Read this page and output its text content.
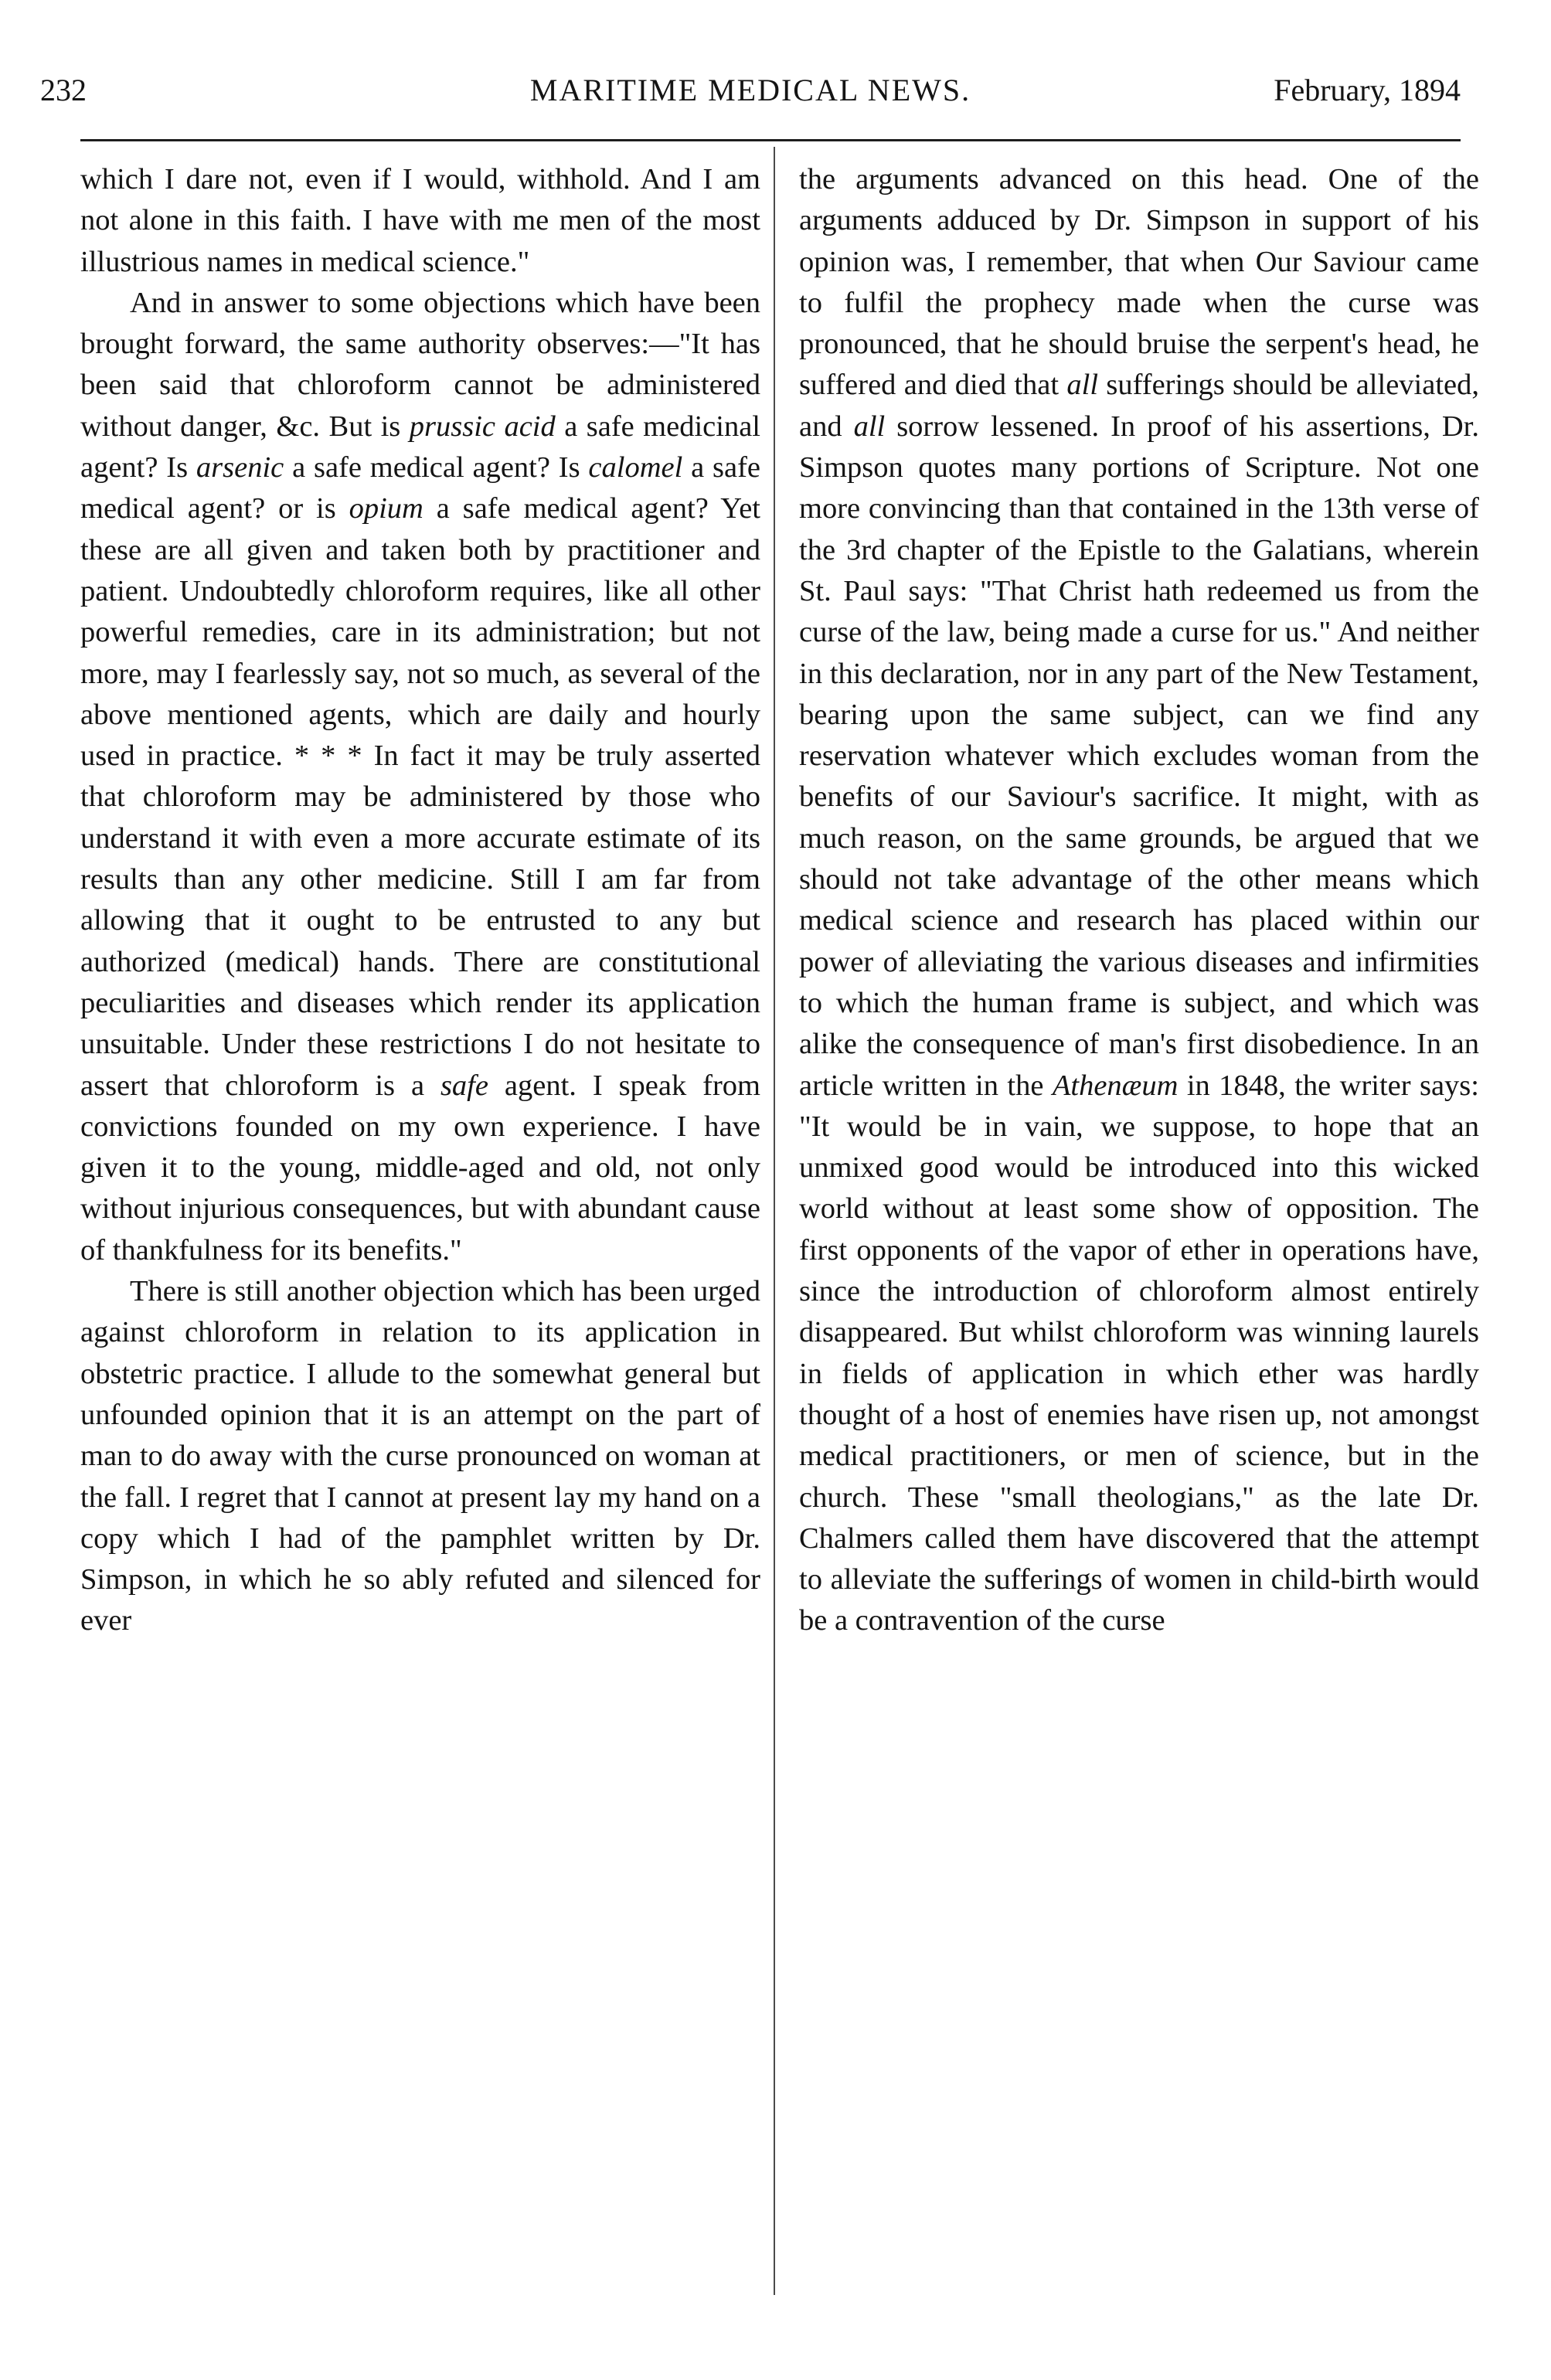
MARITIME MEDICAL NEWS.
232	February, 1894

which I dare not, even if I would, withhold. And I am not alone in this faith. I have with me men of the most illustrious names in medical science."

And in answer to some objections which have been brought forward, the same authority observes:—"It has been said that chloroform cannot be administered without danger, &c. But is prussic acid a safe medicinal agent? Is arsenic a safe medical agent? Is calomel a safe medical agent? or is opium a safe medical agent? Yet these are all given and taken both by practitioner and patient. Undoubtedly chloroform requires, like all other powerful remedies, care in its administration; but not more, may I fearlessly say, not so much, as several of the above mentioned agents, which are daily and hourly used in practice. * * * In fact it may be truly asserted that chloroform may be administered by those who understand it with even a more accurate estimate of its results than any other medicine. Still I am far from allowing that it ought to be entrusted to any but authorized (medical) hands. There are constitutional peculiarities and diseases which render its application unsuitable. Under these restrictions I do not hesitate to assert that chloroform is a safe agent. I speak from convictions founded on my own experience. I have given it to the young, middle-aged and old, not only without injurious consequences, but with abundant cause of thankfulness for its benefits."

There is still another objection which has been urged against chloroform in relation to its application in obstetric practice. I allude to the somewhat general but unfounded opinion that it is an attempt on the part of man to do away with the curse pronounced on woman at the fall. I regret that I cannot at present lay my hand on a copy which I had of the pamphlet written by Dr. Simpson, in which he so ably refuted and silenced for ever

the arguments advanced on this head. One of the arguments adduced by Dr. Simpson in support of his opinion was, I remember, that when Our Saviour came to fulfil the prophecy made when the curse was pronounced, that he should bruise the serpent's head, he suffered and died that all sufferings should be alleviated, and all sorrow lessened. In proof of his assertions, Dr. Simpson quotes many portions of Scripture. Not one more convincing than that contained in the 13th verse of the 3rd chapter of the Epistle to the Galatians, wherein St. Paul says: "That Christ hath redeemed us from the curse of the law, being made a curse for us." And neither in this declaration, nor in any part of the New Testament, bearing upon the same subject, can we find any reservation whatever which excludes woman from the benefits of our Saviour's sacrifice. It might, with as much reason, on the same grounds, be argued that we should not take advantage of the other means which medical science and research has placed within our power of alleviating the various diseases and infirmities to which the human frame is subject, and which was alike the consequence of man's first disobedience. In an article written in the Athenæum in 1848, the writer says: "It would be in vain, we suppose, to hope that an unmixed good would be introduced into this wicked world without at least some show of opposition. The first opponents of the vapor of ether in operations have, since the introduction of chloroform almost entirely disappeared. But whilst chloroform was winning laurels in fields of application in which ether was hardly thought of a host of enemies have risen up, not amongst medical practitioners, or men of science, but in the church. These "small theologians," as the late Dr. Chalmers called them have discovered that the attempt to alleviate the sufferings of women in child-birth would be a contravention of the curse
